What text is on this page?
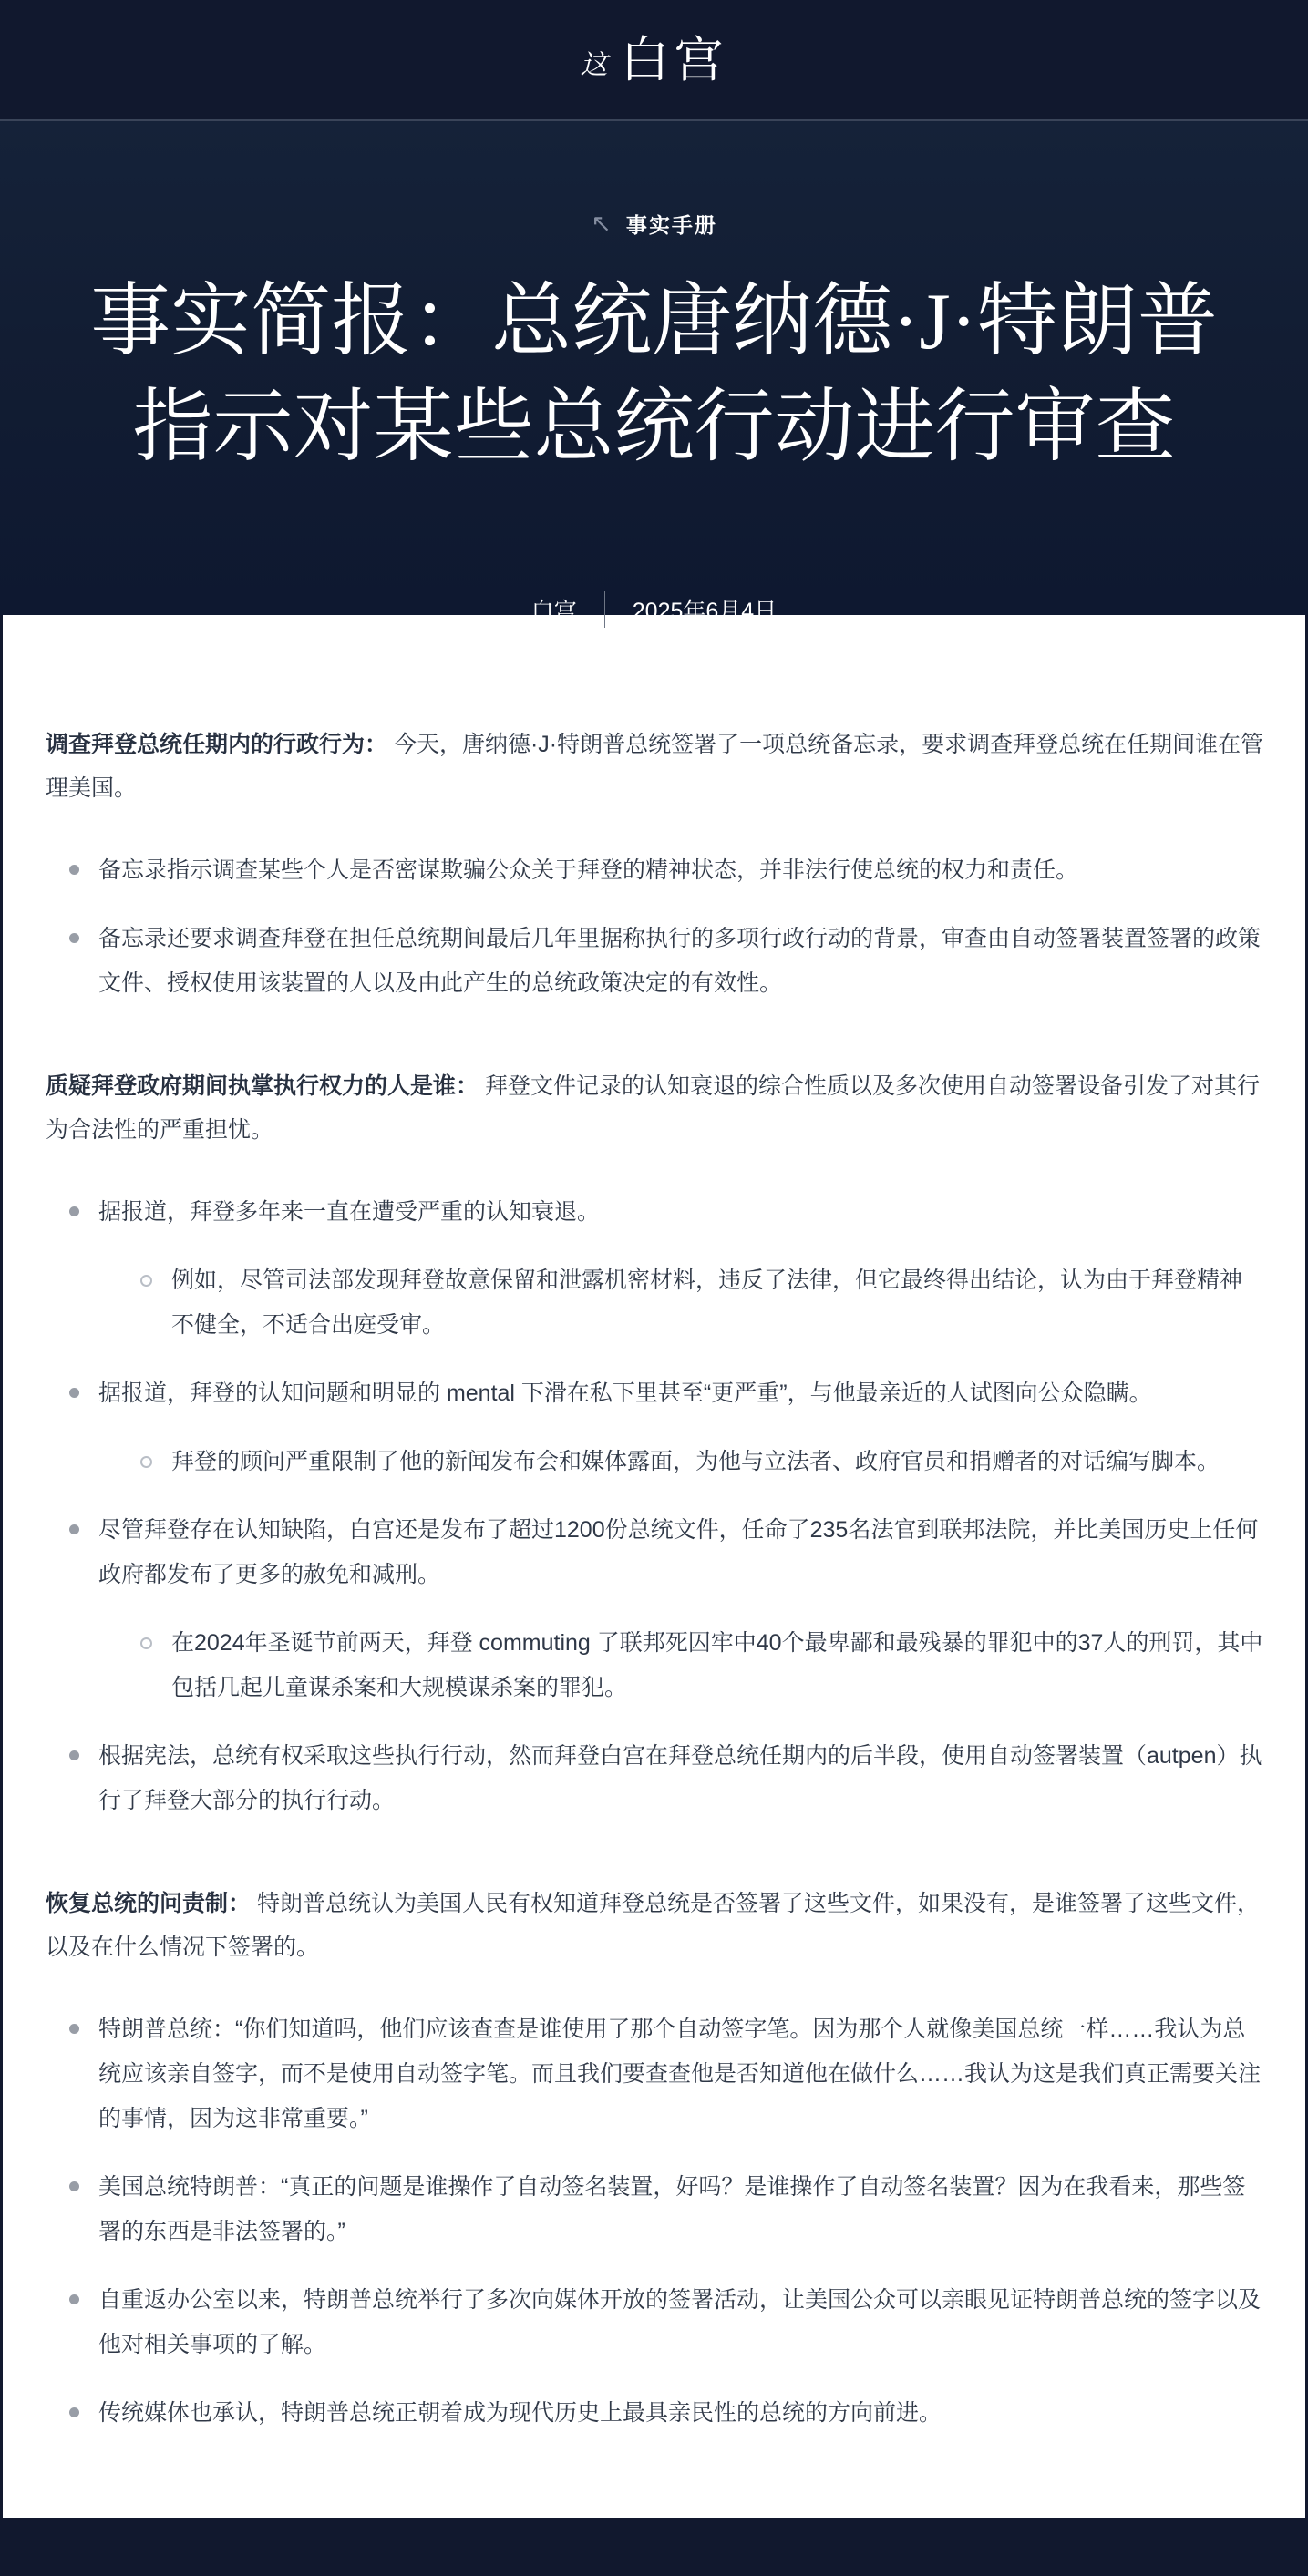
这 白宫
↖ 事实手册
事实简报：总统唐纳德·J·特朗普
指示对某些总统行动进行审查
白宫 2025年6月4日

调查拜登总统任期内的行政行为： 今天，唐纳德·J·特朗普总统签署了一项总统备忘录，要求调查拜登总统在任期间谁在管理美国。

备忘录指示调查某些个人是否密谋欺骗公众关于拜登的精神状态，并非法行使总统的权力和责任。
备忘录还要求调查拜登在担任总统期间最后几年里据称执行的多项行政行动的背景，审查由自动签署装置签署的政策文件、授权使用该装置的人以及由此产生的总统政策决定的有效性。

质疑拜登政府期间执掌执行权力的人是谁： 拜登文件记录的认知衰退的综合性质以及多次使用自动签署设备引发了对其行为合法性的严重担忧。

据报道，拜登多年来一直在遭受严重的认知衰退。
例如，尽管司法部发现拜登故意保留和泄露机密材料，违反了法律，但它最终得出结论，认为由于拜登精神不健全，不适合出庭受审。
据报道，拜登的认知问题和明显的 mental 下滑在私下里甚至“更严重”，与他最亲近的人试图向公众隐瞒。
拜登的顾问严重限制了他的新闻发布会和媒体露面，为他与立法者、政府官员和捐赠者的对话编写脚本。
尽管拜登存在认知缺陷，白宫还是发布了超过1200份总统文件，任命了235名法官到联邦法院，并比美国历史上任何政府都发布了更多的赦免和减刑。
在2024年圣诞节前两天，拜登 commuting 了联邦死囚牢中40个最卑鄙和最残暴的罪犯中的37人的刑罚，其中包括几起儿童谋杀案和大规模谋杀案的罪犯。
根据宪法，总统有权采取这些执行行动，然而拜登白宫在拜登总统任期内的后半段，使用自动签署装置（autpen）执行了拜登大部分的执行行动。

恢复总统的问责制： 特朗普总统认为美国人民有权知道拜登总统是否签署了这些文件，如果没有，是谁签署了这些文件，以及在什么情况下签署的。

特朗普总统：“你们知道吗，他们应该查查是谁使用了那个自动签字笔。因为那个人就像美国总统一样……我认为总统应该亲自签字，而不是使用自动签字笔。而且我们要查查他是否知道他在做什么……我认为这是我们真正需要关注的事情，因为这非常重要。”
美国总统特朗普：“真正的问题是谁操作了自动签名装置，好吗？是谁操作了自动签名装置？因为在我看来，那些签署的东西是非法签署的。”
自重返办公室以来，特朗普总统举行了多次向媒体开放的签署活动，让美国公众可以亲眼见证特朗普总统的签字以及他对相关事项的了解。
传统媒体也承认，特朗普总统正朝着成为现代历史上最具亲民性的总统的方向前进。
